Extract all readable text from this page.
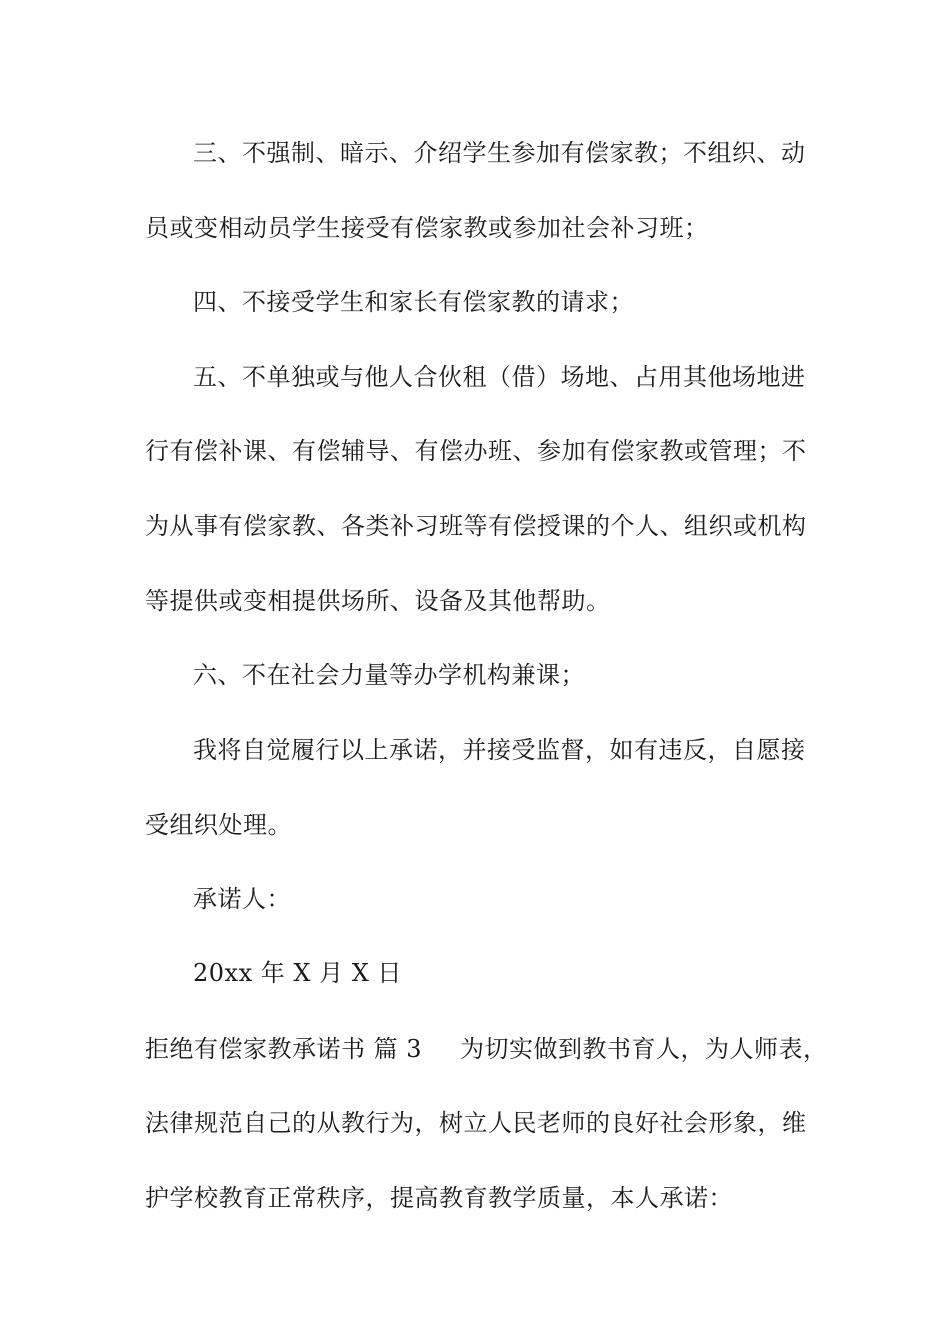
三、不强制、暗示、介绍学生参加有偿家教；不组织、动
员或变相动员学生接受有偿家教或参加社会补习班；
四、不接受学生和家长有偿家教的请求；
五、不单独或与他人合伙租（借）场地、占用其他场地进
行有偿补课、有偿辅导、有偿办班、参加有偿家教或管理；不
为从事有偿家教、各类补习班等有偿授课的个人、组织或机构
等提供或变相提供场所、设备及其他帮助。
六、不在社会力量等办学机构兼课；
我将自觉履行以上承诺，并接受监督，如有违反，自愿接
受组织处理。
承诺人：
20xx 年 X 月 X 日
拒绝有偿家教承诺书 篇 3 为切实做到教书育人，为人师表，
法律规范自己的从教行为，树立人民老师的良好社会形象，维
护学校教育正常秩序，提高教育教学质量，本人承诺：
